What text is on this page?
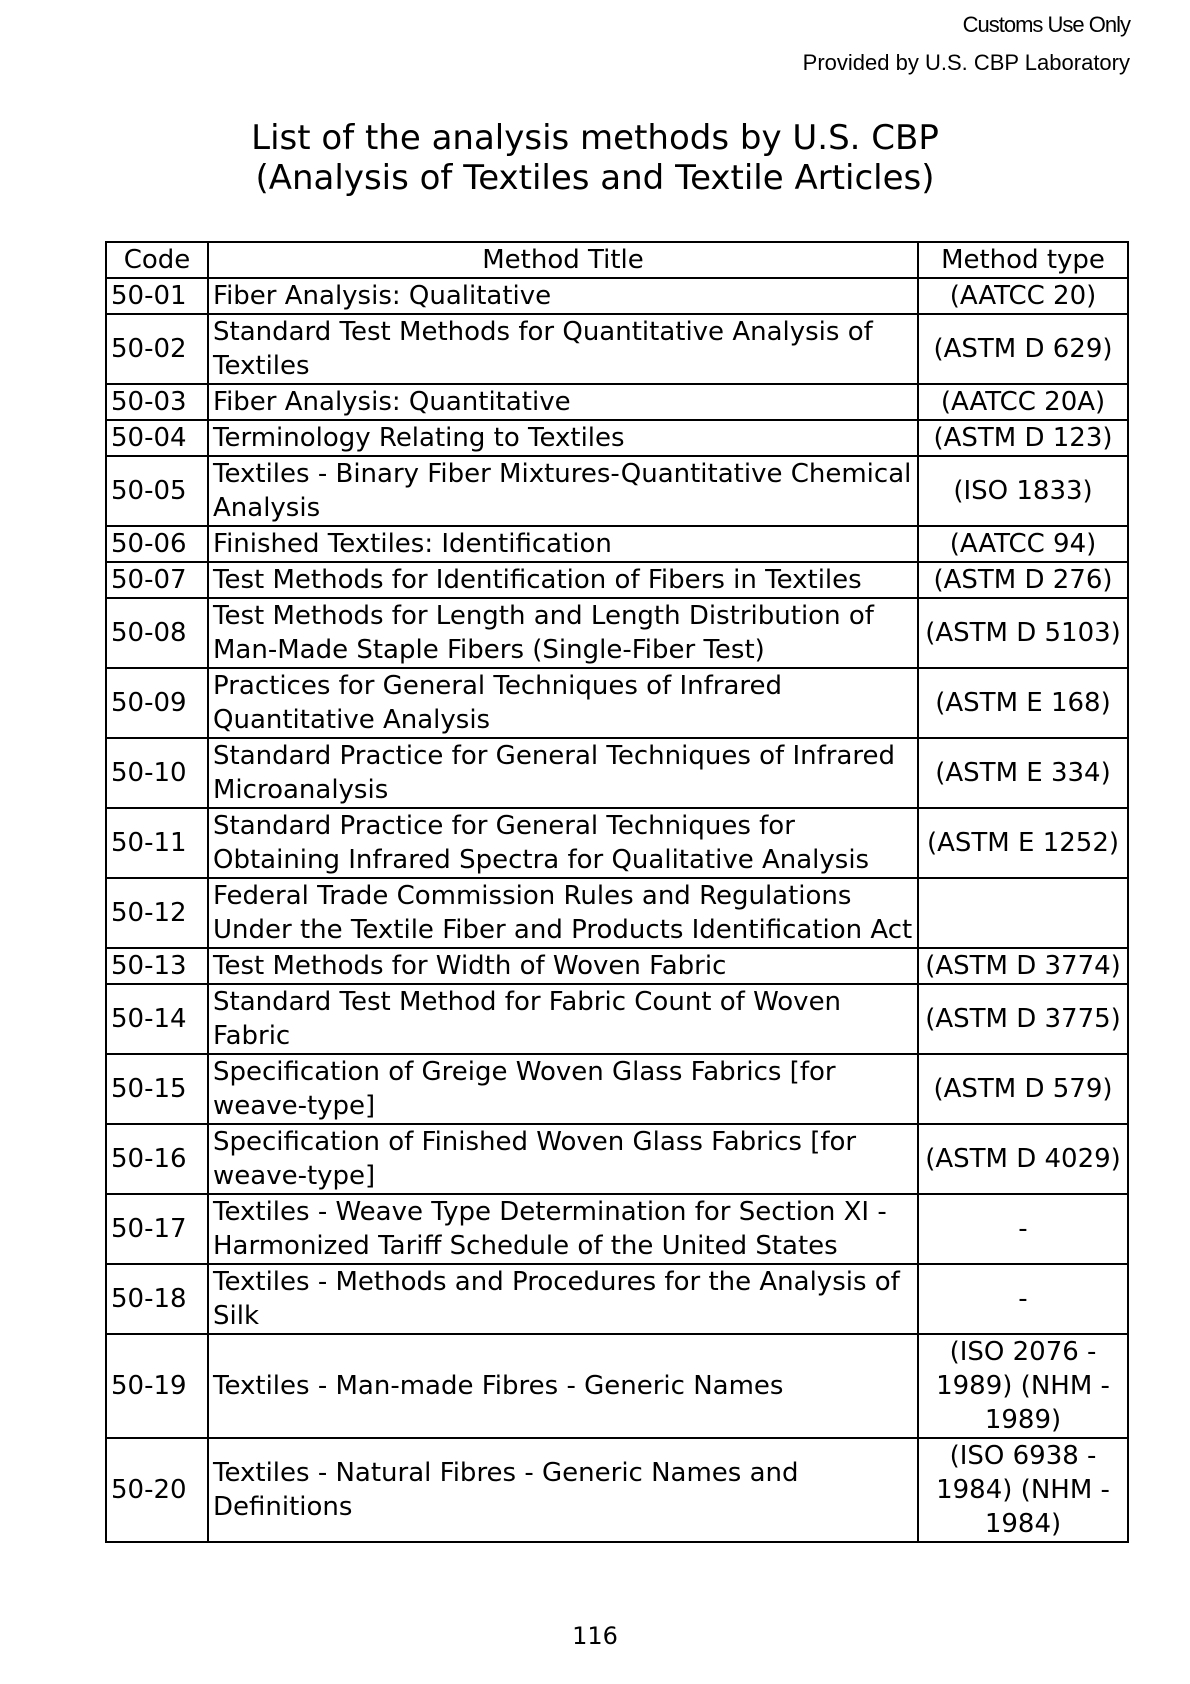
Customs Use Only
Provided by U.S. CBP Laboratory
List of the analysis methods by U.S. CBP
(Analysis of Textiles and Textile Articles)
Code	Method Title	Method type
50-01	Fiber Analysis: Qualitative	(AATCC 20)
50-02	Standard Test Methods for Quantitative Analysis of Textiles	(ASTM D 629)
50-03	Fiber Analysis: Quantitative	(AATCC 20A)
50-04	Terminology Relating to Textiles	(ASTM D 123)
50-05	Textiles - Binary Fiber Mixtures-Quantitative Chemical Analysis	(ISO 1833)
50-06	Finished Textiles: Identification	(AATCC 94)
50-07	Test Methods for Identification of Fibers in Textiles	(ASTM D 276)
50-08	Test Methods for Length and Length Distribution of Man-Made Staple Fibers (Single-Fiber Test)	(ASTM D 5103)
50-09	Practices for General Techniques of Infrared Quantitative Analysis	(ASTM E 168)
50-10	Standard Practice for General Techniques of Infrared Microanalysis	(ASTM E 334)
50-11	Standard Practice for General Techniques for Obtaining Infrared Spectra for Qualitative Analysis	(ASTM E 1252)
50-12	Federal Trade Commission Rules and Regulations Under the Textile Fiber and Products Identification Act	
50-13	Test Methods for Width of Woven Fabric	(ASTM D 3774)
50-14	Standard Test Method for Fabric Count of Woven Fabric	(ASTM D 3775)
50-15	Specification of Greige Woven Glass Fabrics [for weave-type]	(ASTM D 579)
50-16	Specification of Finished Woven Glass Fabrics [for weave-type]	(ASTM D 4029)
50-17	Textiles - Weave Type Determination for Section XI - Harmonized Tariff Schedule of the United States	-
50-18	Textiles - Methods and Procedures for the Analysis of Silk	-
50-19	Textiles - Man-made Fibres - Generic Names	(ISO 2076 - 1989) (NHM - 1989)
50-20	Textiles - Natural Fibres - Generic Names and Definitions	(ISO 6938 - 1984) (NHM - 1984)
116
